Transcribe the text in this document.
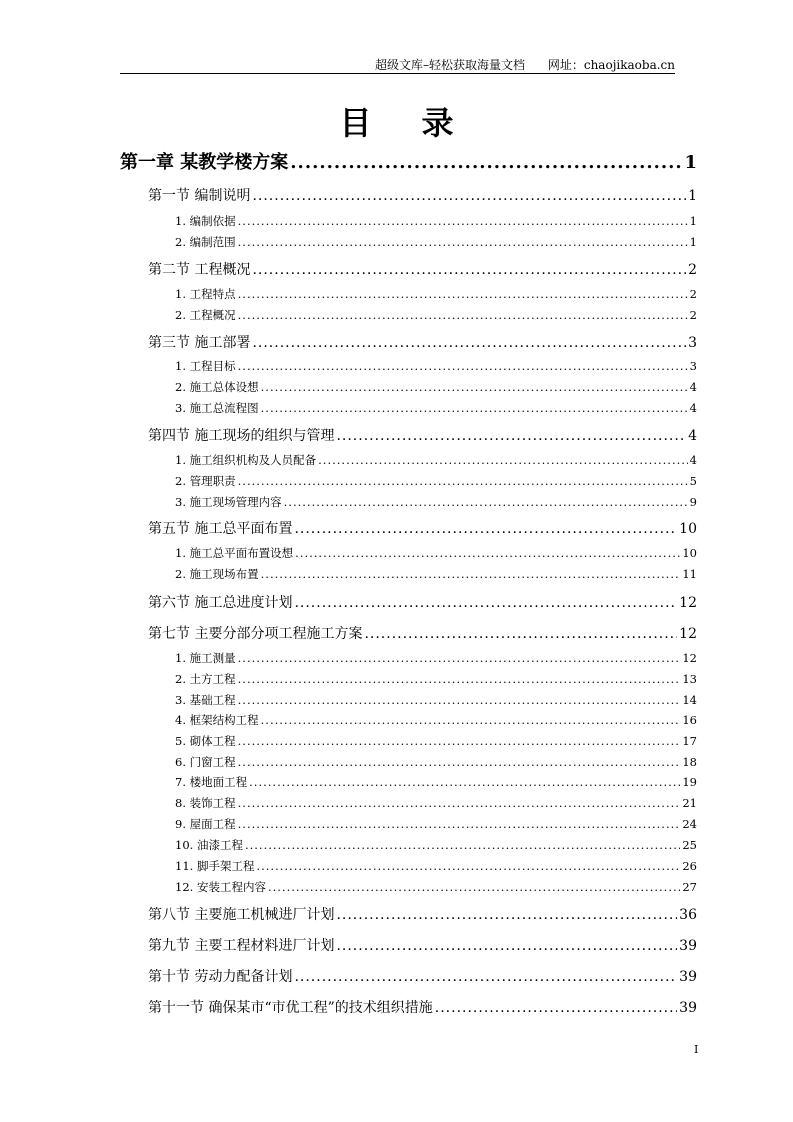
超级文库–轻松获取海量文档 网址：chaojikaoba.cn
目录
第一章 某教学楼方案 .....	1
第一节 编制说明 .....	1
1. 编制依据 .....	1
2. 编制范围 .....	1
第二节 工程概况 .....	2
1. 工程特点 .....	2
2. 工程概况 .....	2
第三节 施工部署 .....	3
1. 工程目标 .....	3
2. 施工总体设想 .....	4
3. 施工总流程图 .....	4
第四节 施工现场的组织与管理 .....	4
1. 施工组织机构及人员配备 .....	4
2. 管理职责 .....	5
3. 施工现场管理内容 .....	9
第五节 施工总平面布置 .....	10
1. 施工总平面布置设想 .....	10
2. 施工现场布置 .....	11
第六节 施工总进度计划 .....	12
第七节 主要分部分项工程施工方案 .....	12
1. 施工测量 .....	12
2. 土方工程 .....	13
3. 基础工程 .....	14
4. 框架结构工程 .....	16
5. 砌体工程 .....	17
6. 门窗工程 .....	18
7. 楼地面工程 .....	19
8. 装饰工程 .....	21
9. 屋面工程 .....	24
10. 油漆工程 .....	25
11. 脚手架工程 .....	26
12. 安装工程内容 .....	27
第八节 主要施工机械进厂计划 .....	36
第九节 主要工程材料进厂计划 .....	39
第十节 劳动力配备计划 .....	39
第十一节 确保某市“市优工程”的技术组织措施 .....	39
I
